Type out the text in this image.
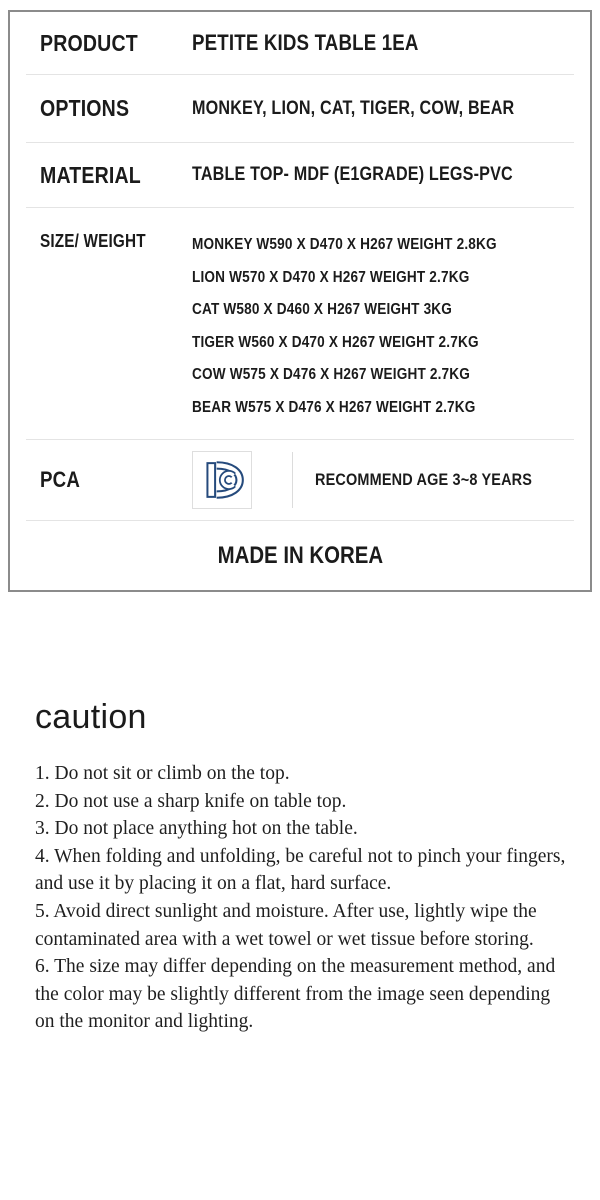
PRODUCT	PETITE KIDS TABLE 1EA
OPTIONS	MONKEY, LION, CAT, TIGER, COW, BEAR
MATERIAL	TABLE TOP- MDF (E1GRADE) LEGS-PVC
SIZE/ WEIGHT	MONKEY W590 X D470 X H267 WEIGHT 2.8KG
LION W570 X D470 X H267 WEIGHT 2.7KG
CAT W580 X D460 X H267 WEIGHT 3KG
TIGER W560 X D470 X H267 WEIGHT 2.7KG
COW W575 X D476 X H267 WEIGHT 2.7KG
BEAR W575 X D476 X H267 WEIGHT 2.7KG
PCA	RECOMMEND AGE 3~8 YEARS
MADE IN KOREA
caution
1. Do not sit or climb on the top.
2. Do not use a sharp knife on table top.
3. Do not place anything hot on the table.
4. When folding and unfolding, be careful not to pinch your fingers, and use it by placing it on a flat, hard surface.
5. Avoid direct sunlight and moisture. After use, lightly wipe the contaminated area with a wet towel or wet tissue before storing.
6. The size may differ depending on the measurement method, and the color may be slightly different from the image seen depending on the monitor and lighting.
